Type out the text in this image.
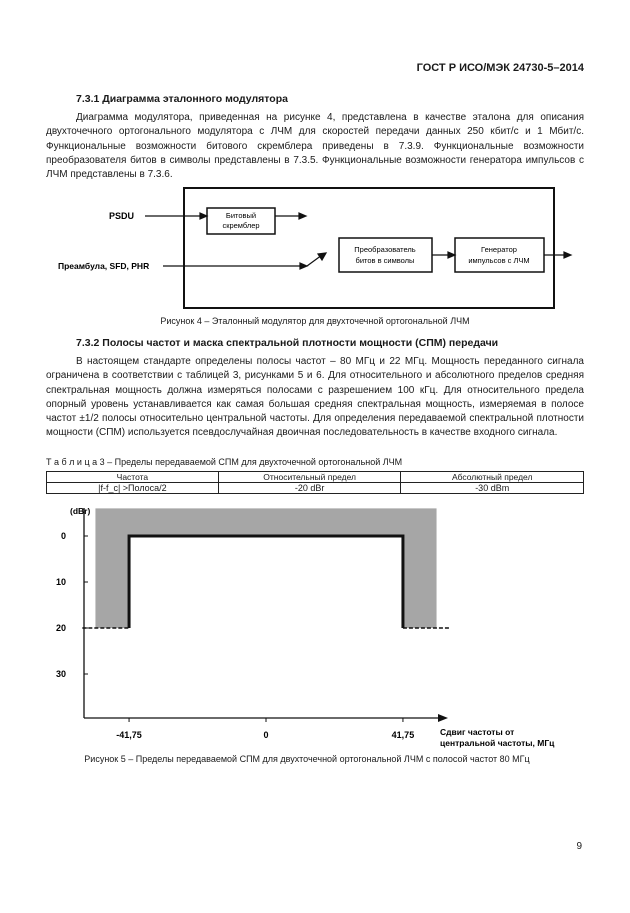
ГОСТ Р ИСО/МЭК 24730-5–2014
7.3.1 Диаграмма эталонного модулятора
Диаграмма модулятора, приведенная на рисунке 4, представлена в качестве эталона для описания двухточечного ортогонального модулятора с ЛЧМ для скоростей передачи данных 250 кбит/с и 1 Мбит/с. Функциональные возможности битового скремблера приведены в 7.3.9. Функциональные возможности преобразователя битов в символы представлены в 7.3.5. Функциональные возможности генератора импульсов с ЛЧМ представлены в 7.3.6.
Битовый
скремблер
Преобразователь
битов в символы
Генератор
импульсов с ЛЧМ
PSDU
Преамбула, SFD, PHR
Рисунок 4 – Эталонный модулятор для двухточечной ортогональной ЛЧМ
7.3.2 Полосы частот и маска спектральной плотности мощности (СПМ) передачи
В настоящем стандарте определены полосы частот – 80 МГц и 22 МГц. Мощность переданного сигнала ограничена в соответствии с таблицей 3, рисунками 5 и 6. Для относительного и абсолютного пределов средняя спектральная мощность должна измеряться полосами с разрешением 100 кГц. Для относительного предела опорный уровень устанавливается как самая большая средняя спектральная мощность, измеряемая в полосе частот ±1/2 полосы относительно центральной частоты. Для определения передаваемой спектральной плотности мощности (СПМ) используется псевдослучайная двоичная последовательность в качестве входного сигнала.
Т а б л и ц а 3 – Пределы передаваемой СПМ для двухточечной ортогональной ЛЧМ
Частота	Относительный предел	Абсолютный предел
|f-f_c| >Полоса/2	-20 dBr	-30 dBm
0
10
20
30
-41,75	0	41,75
(dBr)
Сдвиг частоты от
центральной частоты, МГц
Рисунок 5 – Пределы передаваемой СПМ для двухточечной ортогональной ЛЧМ с полосой частот 80 МГц
9
